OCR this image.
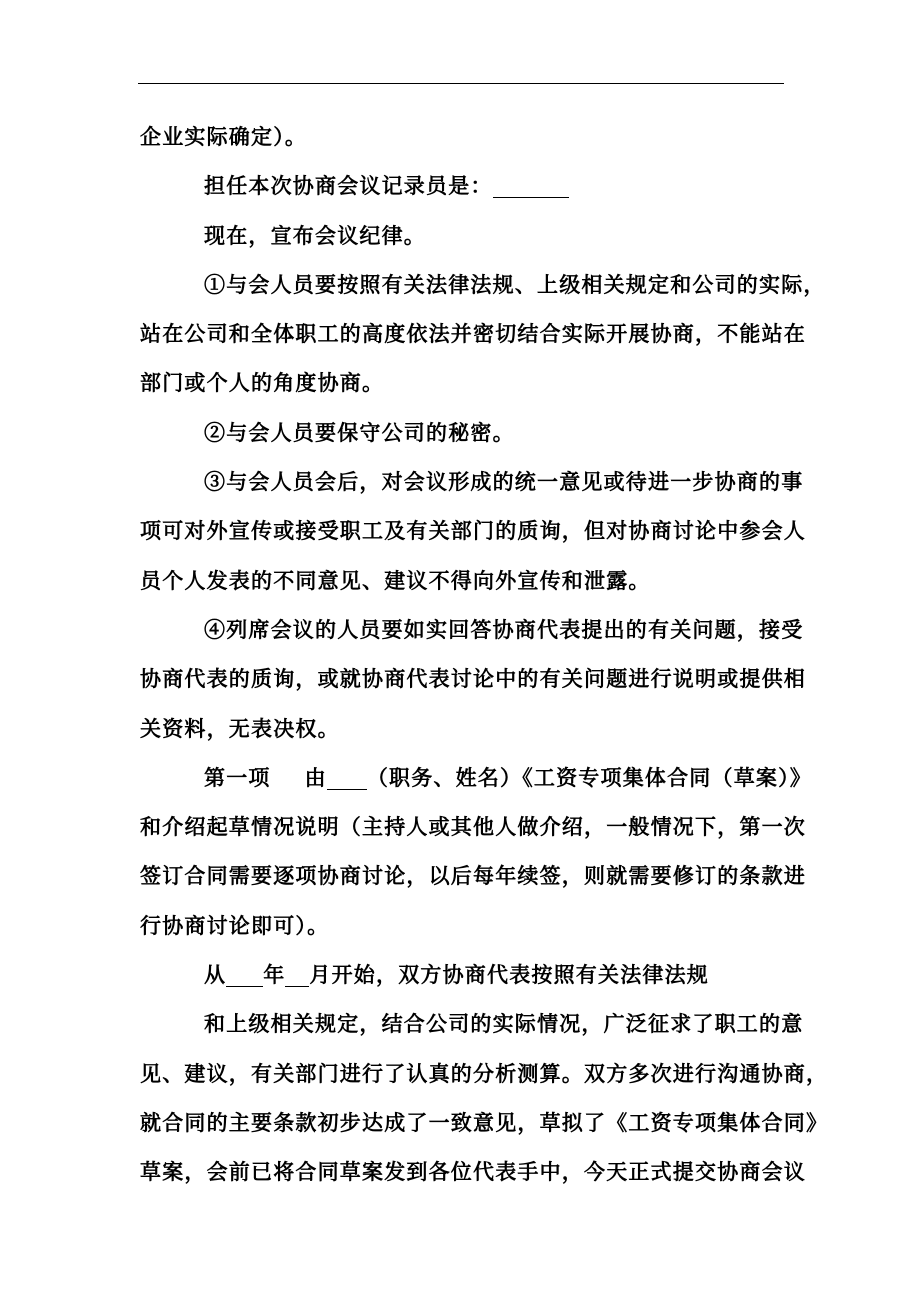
企业实际确定）。
担任本次协商会议记录员是：
现在，宣布会议纪律。
①与会人员要按照有关法律法规、上级相关规定和公司的实际，
站在公司和全体职工的高度依法并密切结合实际开展协商，不能站在
部门或个人的角度协商。
②与会人员要保守公司的秘密。
③与会人员会后，对会议形成的统一意见或待进一步协商的事
项可对外宣传或接受职工及有关部门的质询，但对协商讨论中参会人
员个人发表的不同意见、建议不得向外宣传和泄露。
④列席会议的人员要如实回答协商代表提出的有关问题，接受
协商代表的质询，或就协商代表讨论中的有关问题进行说明或提供相
关资料，无表决权。
第一项 由 （职务、姓名）《工资专项集体合同（草案）》
和介绍起草情况说明（主持人或其他人做介绍，一般情况下，第一次
签订合同需要逐项协商讨论，以后每年续签，则就需要修订的条款进
行协商讨论即可）。
从 年 月开始，双方协商代表按照有关法律法规
和上级相关规定，结合公司的实际情况，广泛征求了职工的意
见、建议，有关部门进行了认真的分析测算。双方多次进行沟通协商，
就合同的主要条款初步达成了一致意见，草拟了《工资专项集体合同》
草案，会前已将合同草案发到各位代表手中，今天正式提交协商会议
